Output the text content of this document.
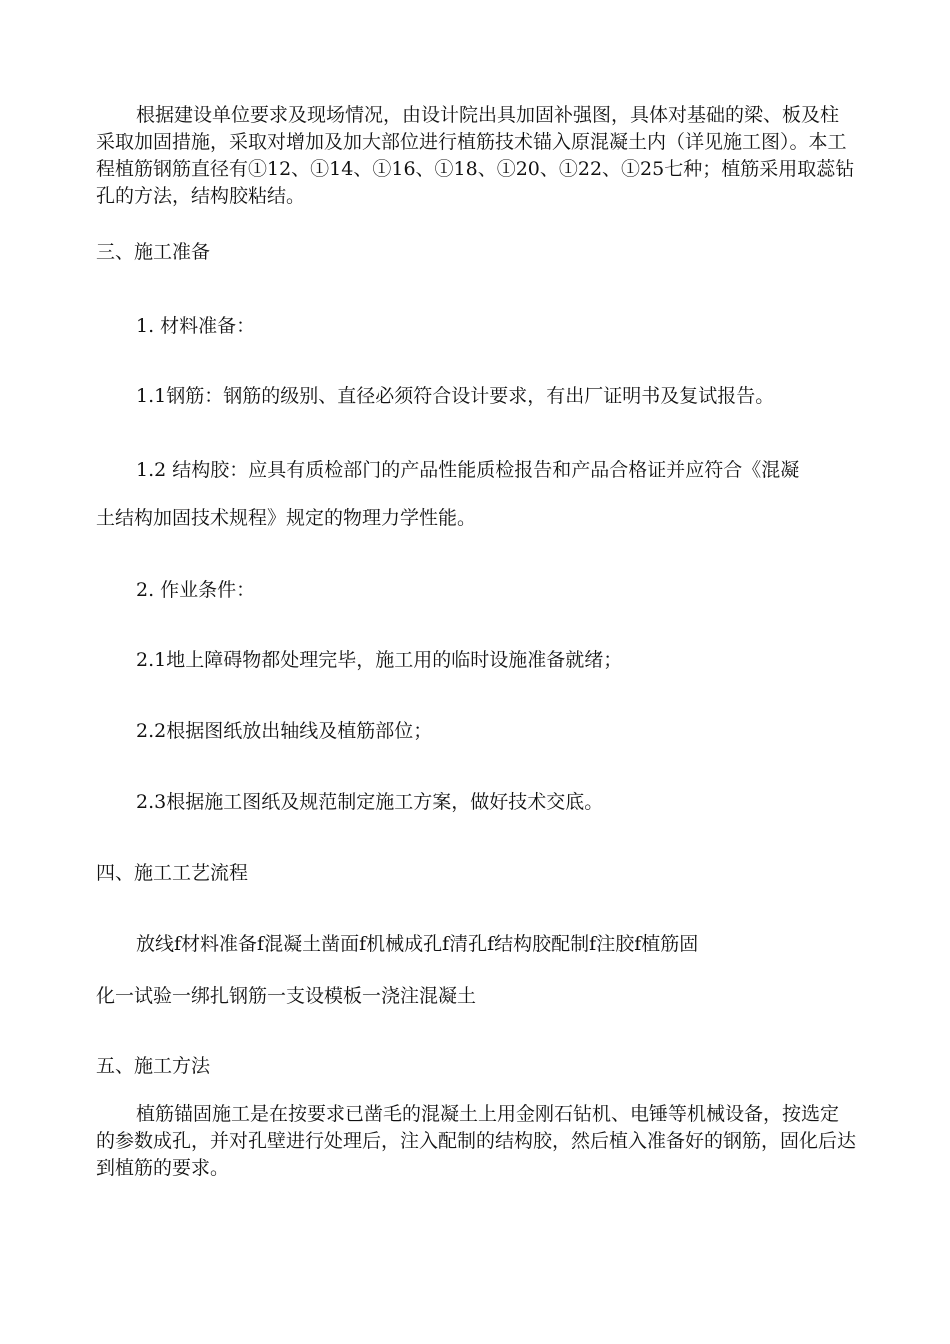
根据建设单位要求及现场情况，由设计院出具加固补强图，具体对基础的梁、板及柱采取加固措施，采取对增加及加大部位进行植筋技术锚入原混凝土内（详见施工图）。本工程植筋钢筋直径有①12、①14、①16、①18、①20、①22、①25七种；植筋采用取蕊钻孔的方法，结构胶粘结。

三、施工准备
1. 材料准备：
1.1钢筋：钢筋的级别、直径必须符合设计要求，有出厂证明书及复试报告。
1.2 结构胶：应具有质检部门的产品性能质检报告和产品合格证并应符合《混凝
土结构加固技术规程》规定的物理力学性能。
2. 作业条件：
2.1地上障碍物都处理完毕，施工用的临时设施准备就绪；
2.2根据图纸放出轴线及植筋部位；
2.3根据施工图纸及规范制定施工方案，做好技术交底。
四、施工工艺流程
放线f材料准备f混凝土凿面f机械成孔f清孔f结构胶配制f注胶f植筋固
化一试验一绑扎钢筋一支设模板一浇注混凝土
五、施工方法

植筋锚固施工是在按要求已凿毛的混凝土上用金刚石钻机、电锤等机械设备，按选定的参数成孔，并对孔壁进行处理后，注入配制的结构胶，然后植入准备好的钢筋，固化后达到植筋的要求。
